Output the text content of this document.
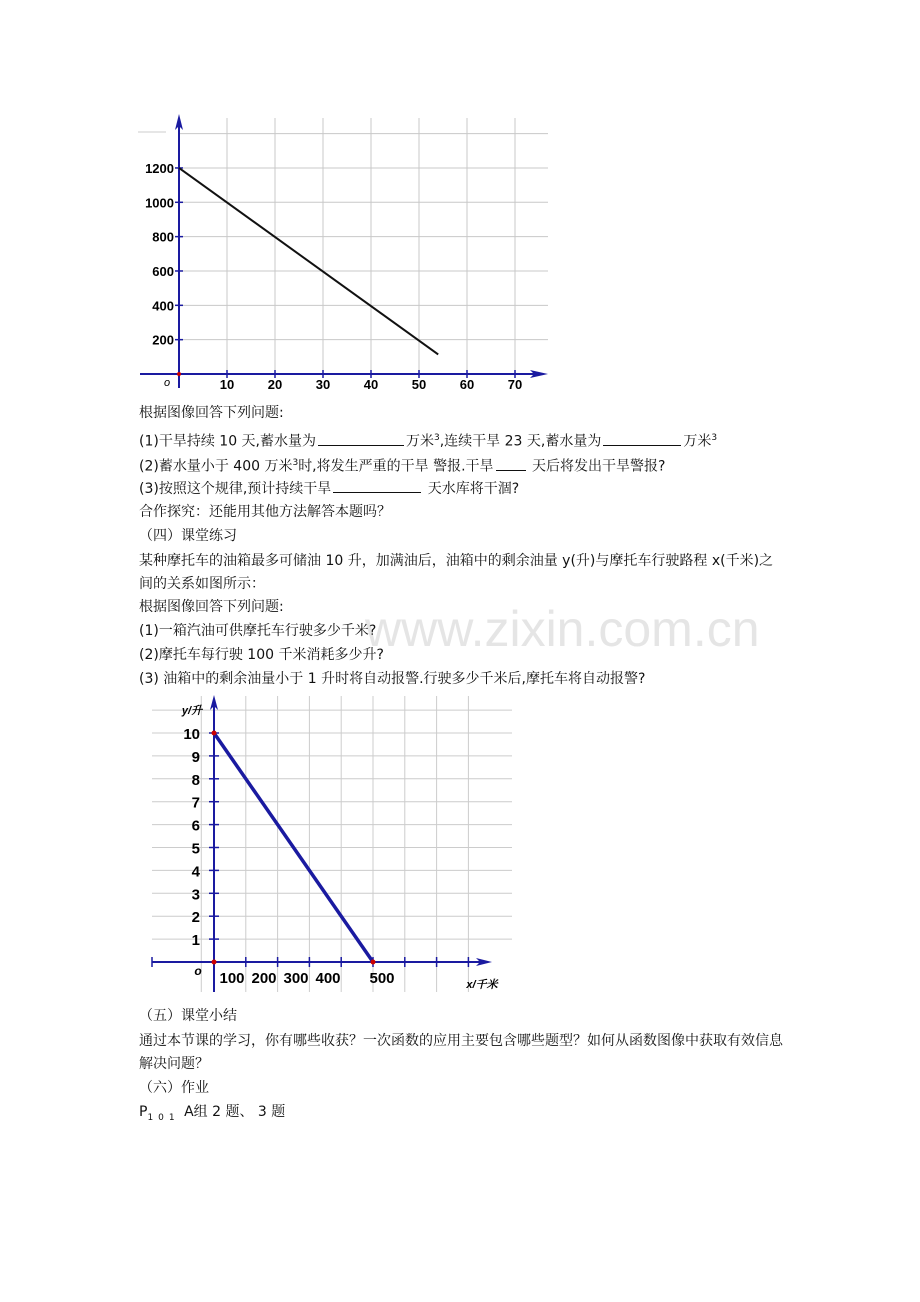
10	20	30	40	50	60	70
200
400
600
800
1000
1200
o
根据图像回答下列问题:
(1)干旱持续 10 天,蓄水量为	万米$^3$,连续干旱 23 天,蓄水量为	万米$^3$
(2)蓄水量小于 400 万米$^3$时,将发生严重的干旱 警报.干旱	天后将发出干旱警报?
(3)按照这个规律,预计持续干旱	天水库将干涸?
合作探究：还能用其他方法解答本题吗？
（四）课堂练习
某种摩托车的油箱最多可储油 10 升，加满油后，油箱中的剩余油量 y(升)与摩托车行驶路程 x(千米)之间的关系如图所示：
根据图像回答下列问题:
(1)一箱汽油可供摩托车行驶多少千米?
(2)摩托车每行驶 100 千米消耗多少升?
(3) 油箱中的剩余油量小于 1 升时将自动报警.行驶多少千米后,摩托车将自动报警?
1
2
3
4
5
6
7
8
9
10
100 200 300 400 500
o
x/千米
y/升
（五）课堂小结
通过本节课的学习，你有哪些收获？一次函数的应用主要包含哪些题型？如何从函数图像中获取有效信息解决问题？
（六）作业
$P_{101}$ A组 2 题、 3 题
www.zixin.com.cn
